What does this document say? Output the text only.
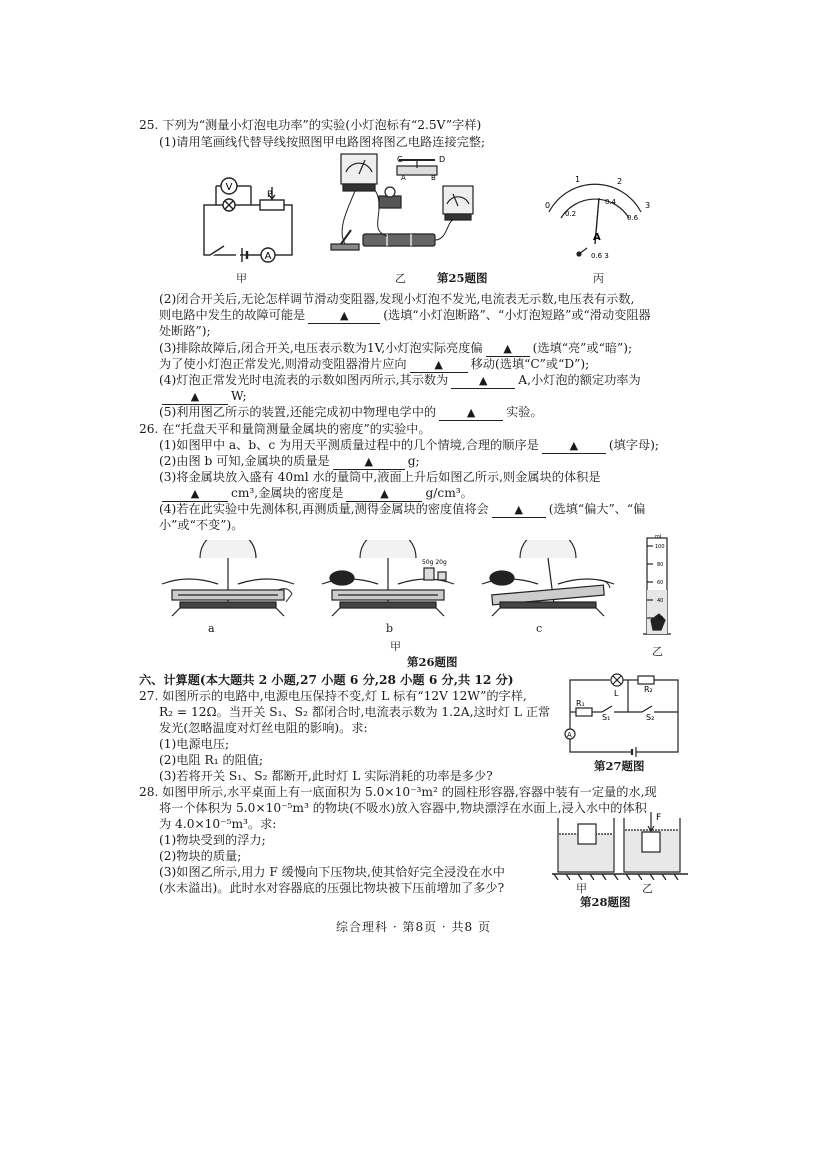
25. 下列为“测量小灯泡电功率”的实验(小灯泡标有“2.5V”字样)
(1)请用笔画线代替导线按照图甲电路图将图乙电路连接完整;
V
A
P
C	D
A	B
0
1	2
3
0.2
0.4
0.6
A
0.6 3
甲	乙	第25题图	丙
(2)闭合开关后,无论怎样调节滑动变阻器,发现小灯泡不发光,电流表无示数,电压表有示数,
则电路中发生的故障可能是	▲	(选填“小灯泡断路”、“小灯泡短路”或“滑动变阻器
处断路”);
(3)排除故障后,闭合开关,电压表示数为1V,小灯泡实际亮度偏 ▲ (选填“亮”或“暗”);
为了使小灯泡正常发光,则滑动变阻器滑片应向	▲ 移动(选填“C”或“D”);
(4)灯泡正常发光时电流表的示数如图丙所示,其示数为	▲	A,小灯泡的额定功率为
▲	W;
(5)利用图乙所示的装置,还能完成初中物理电学中的	▲	实验。
26. 在“托盘天平和量筒测量金属块的密度”的实验中。
(1)如图甲中 a、b、c 为用天平测质量过程中的几个情境,合理的顺序是	▲	(填字母);
(2)由图 b 可知,金属块的质量是	▲	g;
(3)将金属块放入盛有 40ml 水的量筒中,液面上升后如图乙所示,则金属块的体积是
▲	cm³,金属块的密度是	▲	g/cm³。
(4)若在此实验中先测体积,再测质量,测得金属块的密度值将会 ▲ (选填“偏大”、“偏
小”或“不变”)。
50g 20g
mL
100
80
60
40
20
a	b	c
甲	乙
第26题图
六、计算题(本大题共 2 小题,27 小题 6 分,28 小题 6 分,共 12 分)
27. 如图所示的电路中,电源电压保持不变,灯 L 标有“12V 12W”的字样,
R₂ = 12Ω。当开关 S₁、S₂ 都闭合时,电流表示数为 1.2A,这时灯 L 正常
发光(忽略温度对灯丝电阻的影响)。求:
(1)电源电压;
(2)电阻 R₁ 的阻值;
(3)若将开关 S₁、S₂ 都断开,此时灯 L 实际消耗的功率是多少?
L	R₂
R₁
S₁	S₂
A
第27题图
28. 如图甲所示,水平桌面上有一底面积为 5.0×10⁻³m² 的圆柱形容器,容器中装有一定量的水,现
将一个体积为 5.0×10⁻⁵m³ 的物块(不吸水)放入容器中,物块漂浮在水面上,浸入水中的体积
为 4.0×10⁻⁵m³。求:
(1)物块受到的浮力;
(2)物块的质量;
(3)如图乙所示,用力 F 缓慢向下压物块,使其恰好完全浸没在水中
(水未溢出)。此时水对容器底的压强比物块被下压前增加了多少?
F
甲	乙
第28题图
综合理科 · 第8页 · 共8 页
